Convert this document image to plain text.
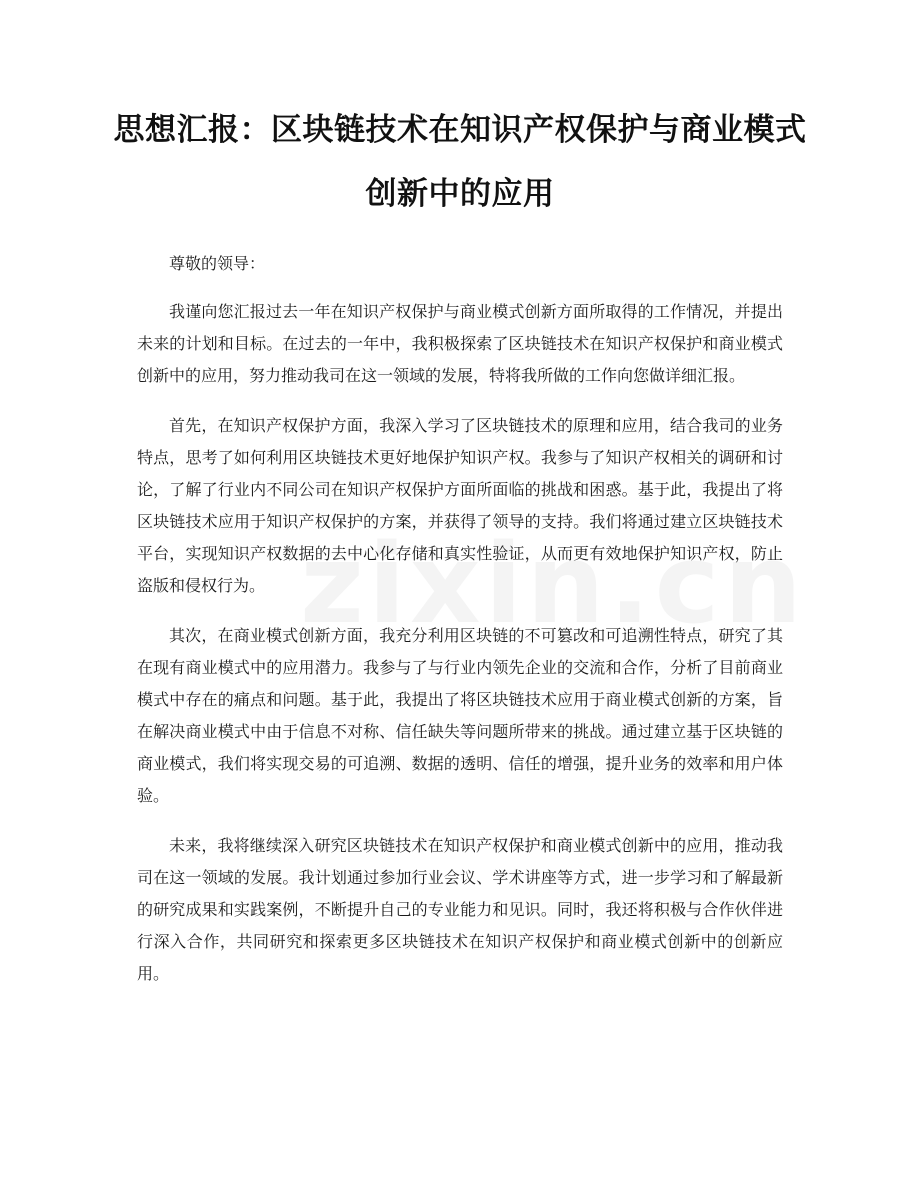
思想汇报：区块链技术在知识产权保护与商业模式创新中的应用

尊敬的领导：

我谨向您汇报过去一年在知识产权保护与商业模式创新方面所取得的工作情况，并提出未来的计划和目标。在过去的一年中，我积极探索了区块链技术在知识产权保护和商业模式创新中的应用，努力推动我司在这一领域的发展，特将我所做的工作向您做详细汇报。

首先，在知识产权保护方面，我深入学习了区块链技术的原理和应用，结合我司的业务特点，思考了如何利用区块链技术更好地保护知识产权。我参与了知识产权相关的调研和讨论，了解了行业内不同公司在知识产权保护方面所面临的挑战和困惑。基于此，我提出了将区块链技术应用于知识产权保护的方案，并获得了领导的支持。我们将通过建立区块链技术平台，实现知识产权数据的去中心化存储和真实性验证，从而更有效地保护知识产权，防止盗版和侵权行为。

其次，在商业模式创新方面，我充分利用区块链的不可篡改和可追溯性特点，研究了其在现有商业模式中的应用潜力。我参与了与行业内领先企业的交流和合作，分析了目前商业模式中存在的痛点和问题。基于此，我提出了将区块链技术应用于商业模式创新的方案，旨在解决商业模式中由于信息不对称、信任缺失等问题所带来的挑战。通过建立基于区块链的商业模式，我们将实现交易的可追溯、数据的透明、信任的增强，提升业务的效率和用户体验。

未来，我将继续深入研究区块链技术在知识产权保护和商业模式创新中的应用，推动我司在这一领域的发展。我计划通过参加行业会议、学术讲座等方式，进一步学习和了解最新的研究成果和实践案例，不断提升自己的专业能力和见识。同时，我还将积极与合作伙伴进行深入合作，共同研究和探索更多区块链技术在知识产权保护和商业模式创新中的创新应用。
